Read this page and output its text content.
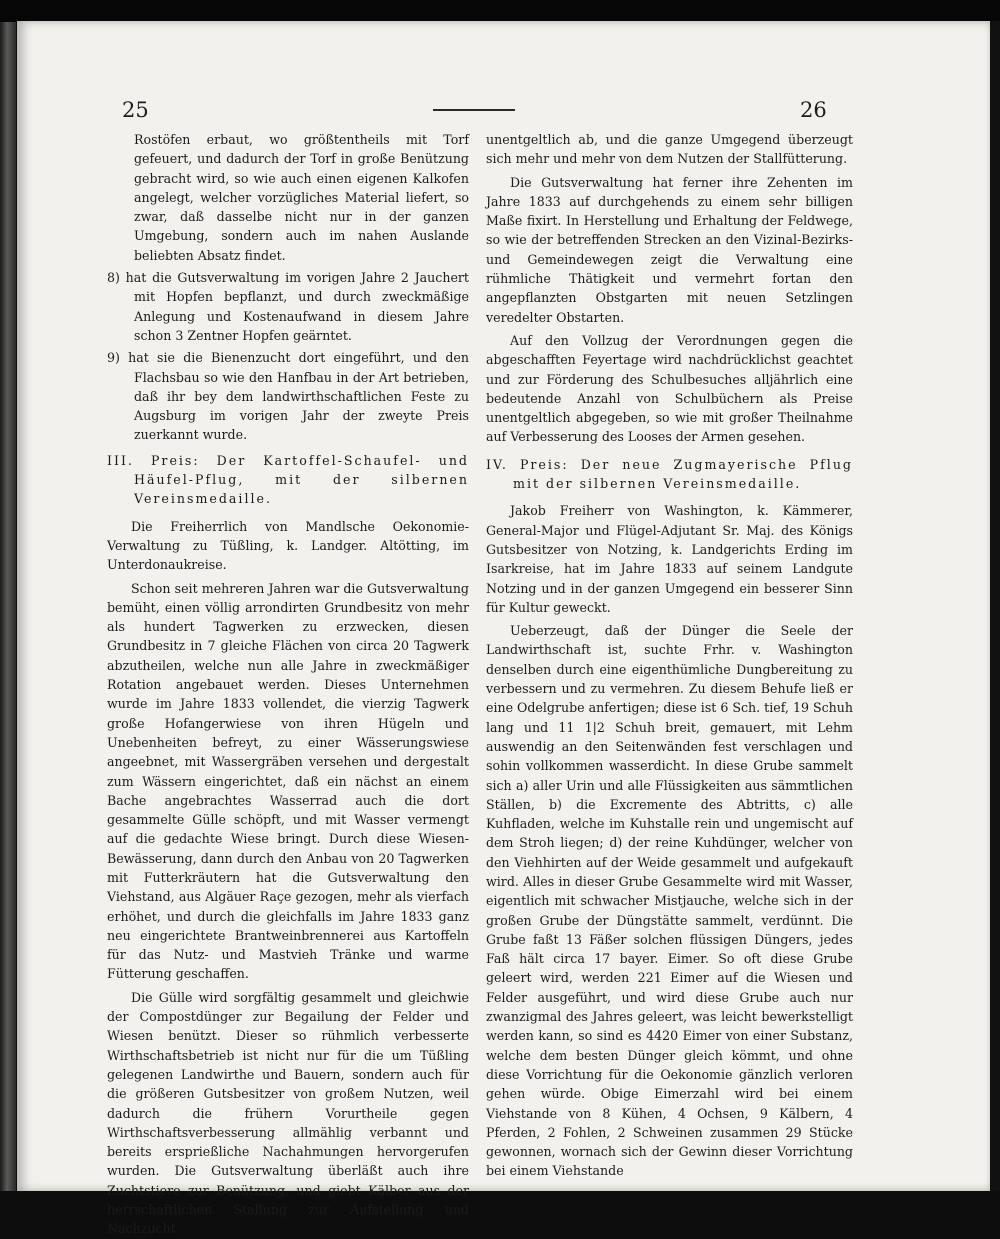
25	26

Rostöfen erbaut, wo größtentheils mit Torf gefeuert, und dadurch der Torf in große Benützung gebracht wird, so wie auch einen eigenen Kalkofen angelegt, welcher vorzügliches Material liefert, so zwar, daß dasselbe nicht nur in der ganzen Umgebung, sondern auch im nahen Auslande beliebten Absatz findet.

8) hat die Gutsverwaltung im vorigen Jahre 2 Jauchert mit Hopfen bepflanzt, und durch zweckmäßige Anlegung und Kostenaufwand in diesem Jahre schon 3 Zentner Hopfen geärntet.

9) hat sie die Bienenzucht dort eingeführt, und den Flachsbau so wie den Hanfbau in der Art betrieben, daß ihr bey dem landwirthschaftlichen Feste zu Augsburg im vorigen Jahr der zweyte Preis zuerkannt wurde.

III. Preis: Der Kartoffel-Schaufel- und Häufel-Pflug, mit der silbernen Vereinsmedaille.

Die Freiherrlich von Mandlsche Oekonomie-Verwaltung zu Tüßling, k. Landger. Altötting, im Unterdonaukreise.

Schon seit mehreren Jahren war die Gutsverwaltung bemüht, einen völlig arrondirten Grundbesitz von mehr als hundert Tagwerken zu erzwecken, diesen Grundbesitz in 7 gleiche Flächen von circa 20 Tagwerk abzutheilen, welche nun alle Jahre in zweckmäßiger Rotation angebauet werden. Dieses Unternehmen wurde im Jahre 1833 vollendet, die vierzig Tagwerk große Hofangerwiese von ihren Hügeln und Unebenheiten befreyt, zu einer Wässerungswiese angeebnet, mit Wassergräben versehen und dergestalt zum Wässern eingerichtet, daß ein nächst an einem Bache angebrachtes Wasserrad auch die dort gesammelte Gülle schöpft, und mit Wasser vermengt auf die gedachte Wiese bringt. Durch diese Wiesen-Bewässerung, dann durch den Anbau von 20 Tagwerken mit Futterkräutern hat die Gutsverwaltung den Viehstand, aus Algäuer Raçe gezogen, mehr als vierfach erhöhet, und durch die gleichfalls im Jahre 1833 ganz neu eingerichtete Brantweinbrennerei aus Kartoffeln für das Nutz- und Mastvieh Tränke und warme Fütterung geschaffen.

Die Gülle wird sorgfältig gesammelt und gleichwie der Compostdünger zur Begailung der Felder und Wiesen benützt. Dieser so rühmlich verbesserte Wirthschaftsbetrieb ist nicht nur für die um Tüßling gelegenen Landwirthe und Bauern, sondern auch für die größeren Gutsbesitzer von großem Nutzen, weil dadurch die frühern Vorurtheile gegen Wirthschaftsverbesserung allmählig verbannt und bereits ersprießliche Nachahmungen hervorgerufen wurden. Die Gutsverwaltung überläßt auch ihre Zuchtstiere zur Benützung, und giebt Kälber aus der herrschaftlichen Stallung zur Aufstellung und Nachzucht

unentgeltlich ab, und die ganze Umgegend überzeugt sich mehr und mehr von dem Nutzen der Stallfütterung.

Die Gutsverwaltung hat ferner ihre Zehenten im Jahre 1833 auf durchgehends zu einem sehr billigen Maße fixirt. In Herstellung und Erhaltung der Feldwege, so wie der betreffenden Strecken an den Vizinal-Bezirks- und Gemeindewegen zeigt die Verwaltung eine rühmliche Thätigkeit und vermehrt fortan den angepflanzten Obstgarten mit neuen Setzlingen veredelter Obstarten.

Auf den Vollzug der Verordnungen gegen die abgeschafften Feyertage wird nachdrücklichst geachtet und zur Förderung des Schulbesuches alljährlich eine bedeutende Anzahl von Schulbüchern als Preise unentgeltlich abgegeben, so wie mit großer Theilnahme auf Verbesserung des Looses der Armen gesehen.

IV. Preis: Der neue Zugmayerische Pflug mit der silbernen Vereinsmedaille.

Jakob Freiherr von Washington, k. Kämmerer, General-Major und Flügel-Adjutant Sr. Maj. des Königs Gutsbesitzer von Notzing, k. Landgerichts Erding im Isarkreise, hat im Jahre 1833 auf seinem Landgute Notzing und in der ganzen Umgegend ein besserer Sinn für Kultur geweckt.

Ueberzeugt, daß der Dünger die Seele der Landwirthschaft ist, suchte Frhr. v. Washington denselben durch eine eigenthümliche Dungbereitung zu verbessern und zu vermehren. Zu diesem Behufe ließ er eine Odelgrube anfertigen; diese ist 6 Sch. tief, 19 Schuh lang und 11 1|2 Schuh breit, gemauert, mit Lehm auswendig an den Seitenwänden fest verschlagen und sohin vollkommen wasserdicht. In diese Grube sammelt sich a) aller Urin und alle Flüssigkeiten aus sämmtlichen Ställen, b) die Excremente des Abtritts, c) alle Kuhfladen, welche im Kuhstalle rein und ungemischt auf dem Stroh liegen; d) der reine Kuhdünger, welcher von den Viehhirten auf der Weide gesammelt und aufgekauft wird. Alles in dieser Grube Gesammelte wird mit Wasser, eigentlich mit schwacher Mistjauche, welche sich in der großen Grube der Düngstätte sammelt, verdünnt. Die Grube faßt 13 Fäßer solchen flüssigen Düngers, jedes Faß hält circa 17 bayer. Eimer. So oft diese Grube geleert wird, werden 221 Eimer auf die Wiesen und Felder ausgeführt, und wird diese Grube auch nur zwanzigmal des Jahres geleert, was leicht bewerkstelligt werden kann, so sind es 4420 Eimer von einer Substanz, welche dem besten Dünger gleich kömmt, und ohne diese Vorrichtung für die Oekonomie gänzlich verloren gehen würde. Obige Eimerzahl wird bei einem Viehstande von 8 Kühen, 4 Ochsen, 9 Kälbern, 4 Pferden, 2 Fohlen, 2 Schweinen zusammen 29 Stücke gewonnen, wornach sich der Gewinn dieser Vorrichtung bei einem Viehstande
